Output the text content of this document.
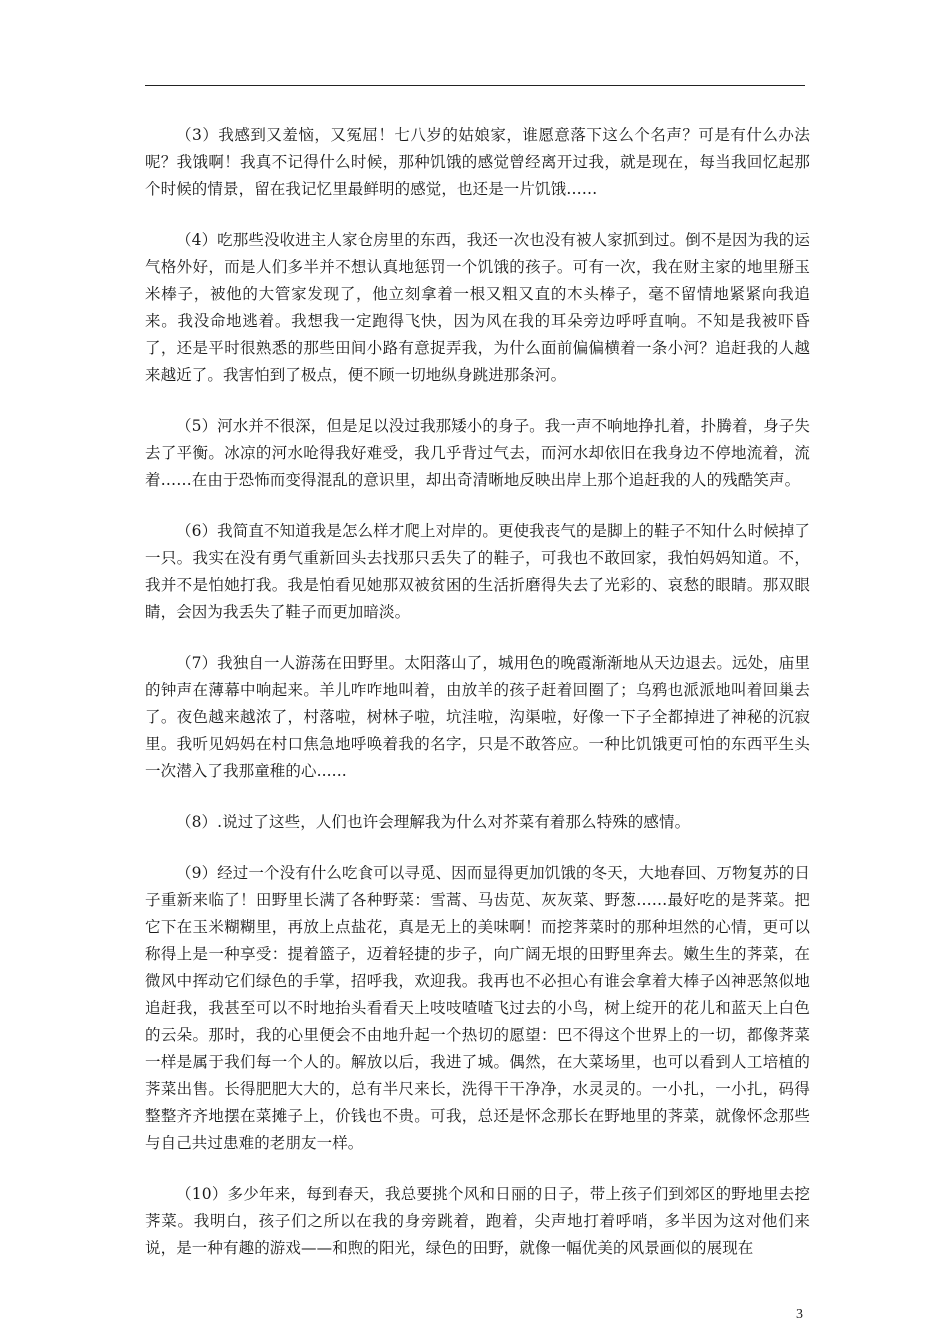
（3）我感到又羞恼，又冤屈！七八岁的姑娘家，谁愿意落下这么个名声？可是有什么办法呢？我饿啊！我真不记得什么时候，那种饥饿的感觉曾经离开过我，就是现在，每当我回忆起那个时候的情景，留在我记忆里最鲜明的感觉，也还是一片饥饿……

（4）吃那些没收进主人家仓房里的东西，我还一次也没有被人家抓到过。倒不是因为我的运气格外好，而是人们多半并不想认真地惩罚一个饥饿的孩子。可有一次，我在财主家的地里掰玉米棒子，被他的大管家发现了，他立刻拿着一根又粗又直的木头棒子，毫不留情地紧紧向我追来。我没命地逃着。我想我一定跑得飞快，因为风在我的耳朵旁边呼呼直响。不知是我被吓昏了，还是平时很熟悉的那些田间小路有意捉弄我，为什么面前偏偏横着一条小河？追赶我的人越来越近了。我害怕到了极点，便不顾一切地纵身跳进那条河。

（5）河水并不很深，但是足以没过我那矮小的身子。我一声不响地挣扎着，扑腾着，身子失去了平衡。冰凉的河水呛得我好难受，我几乎背过气去，而河水却依旧在我身边不停地流着，流着……在由于恐怖而变得混乱的意识里，却出奇清晰地反映出岸上那个追赶我的人的残酷笑声。

（6）我简直不知道我是怎么样才爬上对岸的。更使我丧气的是脚上的鞋子不知什么时候掉了一只。我实在没有勇气重新回头去找那只丢失了的鞋子，可我也不敢回家，我怕妈妈知道。不，我并不是怕她打我。我是怕看见她那双被贫困的生活折磨得失去了光彩的、哀愁的眼睛。那双眼睛，会因为我丢失了鞋子而更加暗淡。

（7）我独自一人游荡在田野里。太阳落山了，城用色的晚霞渐渐地从天边退去。远处，庙里的钟声在薄幕中响起来。羊儿咋咋地叫着，由放羊的孩子赶着回圈了；乌鸦也派派地叫着回巢去了。夜色越来越浓了，村落啦，树林子啦，坑洼啦，沟渠啦，好像一下子全都掉进了神秘的沉寂里。我听见妈妈在村口焦急地呼唤着我的名字，只是不敢答应。一种比饥饿更可怕的东西平生头一次潜入了我那童稚的心......

（8）.说过了这些，人们也许会理解我为什么对芥菜有着那么特殊的感情。

（9）经过一个没有什么吃食可以寻觅、因而显得更加饥饿的冬天，大地春回、万物复苏的日子重新来临了！田野里长满了各种野菜：雪蒿、马齿苋、灰灰菜、野葱……最好吃的是荠菜。把它下在玉米糊糊里，再放上点盐花，真是无上的美味啊！而挖荠菜时的那种坦然的心情，更可以称得上是一种享受：提着篮子，迈着轻捷的步子，向广阔无垠的田野里奔去。嫩生生的荠菜，在微风中挥动它们绿色的手掌，招呼我，欢迎我。我再也不必担心有谁会拿着大棒子凶神恶煞似地追赶我，我甚至可以不时地抬头看看天上吱吱喳喳飞过去的小鸟，树上绽开的花儿和蓝天上白色的云朵。那时，我的心里便会不由地升起一个热切的愿望：巴不得这个世界上的一切，都像荠菜一样是属于我们每一个人的。解放以后，我进了城。偶然，在大菜场里，也可以看到人工培植的荠菜出售。长得肥肥大大的，总有半尺来长，洗得干干净净，水灵灵的。一小扎，一小扎，码得整整齐齐地摆在菜摊子上，价钱也不贵。可我，总还是怀念那长在野地里的荠菜，就像怀念那些与自己共过患难的老朋友一样。

（10）多少年来，每到春天，我总要挑个风和日丽的日子，带上孩子们到郊区的野地里去挖荠菜。我明白，孩子们之所以在我的身旁跳着，跑着，尖声地打着呼哨，多半因为这对他们来说，是一种有趣的游戏——和煦的阳光，绿色的田野，就像一幅优美的风景画似的展现在

3
